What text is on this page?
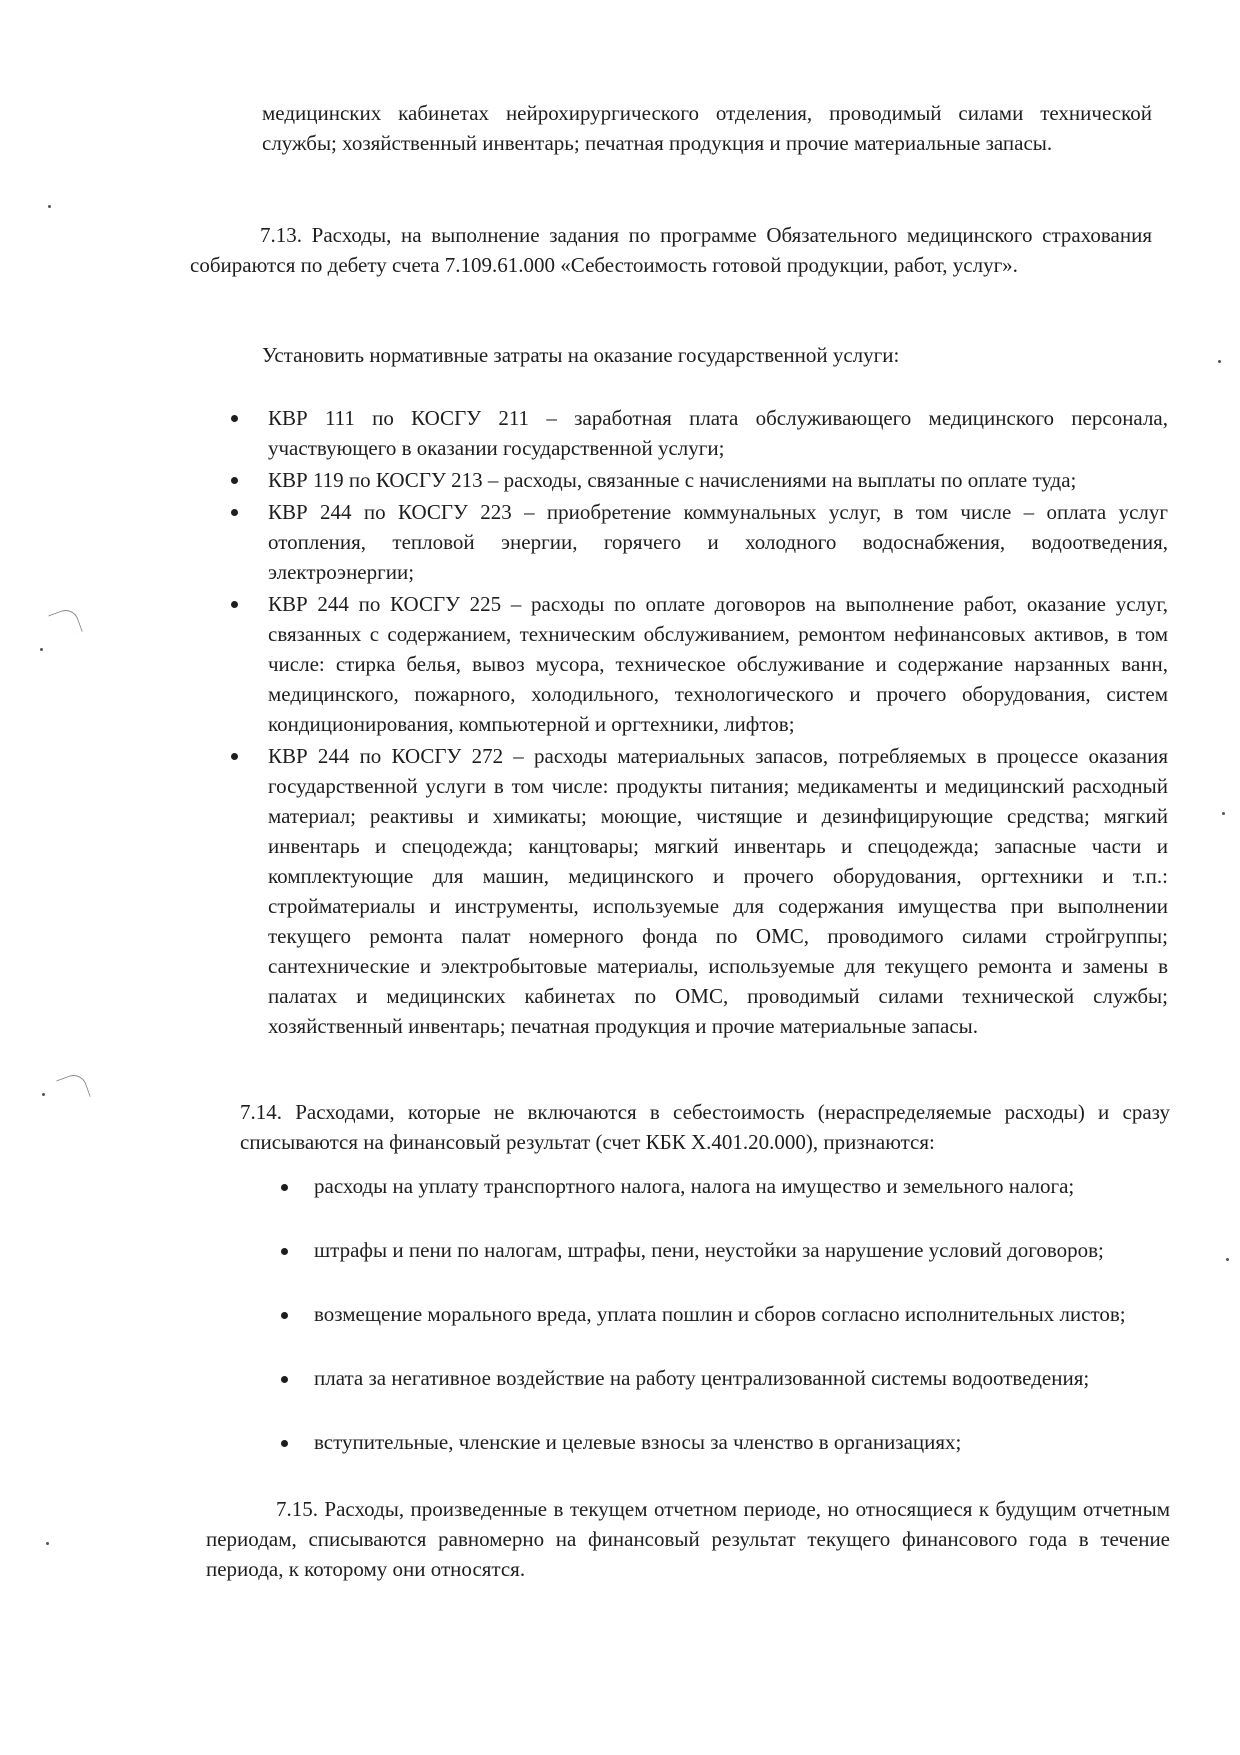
медицинских кабинетах нейрохирургического отделения, проводимый силами технической службы; хозяйственный инвентарь; печатная продукция и прочие материальные запасы.

7.13. Расходы, на выполнение задания по программе Обязательного медицинского страхования собираются по дебету счета 7.109.61.000 «Себестоимость готовой продукции, работ, услуг».

Установить нормативные затраты на оказание государственной услуги:

КВР 111 по КОСГУ 211 – заработная плата обслуживающего медицинского персонала, участвующего в оказании государственной услуги;
КВР 119 по КОСГУ 213 – расходы, связанные с начислениями на выплаты по оплате туда;
КВР 244 по КОСГУ 223 – приобретение коммунальных услуг, в том числе – оплата услуг отопления, тепловой энергии, горячего и холодного водоснабжения, водоотведения, электроэнергии;
КВР 244 по КОСГУ 225 – расходы по оплате договоров на выполнение работ, оказание услуг, связанных с содержанием, техническим обслуживанием, ремонтом нефинансовых активов, в том числе: стирка белья, вывоз мусора, техническое обслуживание и содержание нарзанных ванн, медицинского, пожарного, холодильного, технологического и прочего оборудования, систем кондиционирования, компьютерной и оргтехники, лифтов;
КВР 244 по КОСГУ 272 – расходы материальных запасов, потребляемых в процессе оказания государственной услуги в том числе: продукты питания; медикаменты и медицинский расходный материал; реактивы и химикаты; моющие, чистящие и дезинфицирующие средства; мягкий инвентарь и спецодежда; канцтовары; мягкий инвентарь и спецодежда; запасные части и комплектующие для машин, медицинского и прочего оборудования, оргтехники и т.п.: стройматериалы и инструменты, используемые для содержания имущества при выполнении текущего ремонта палат номерного фонда по ОМС, проводимого силами стройгруппы; сантехнические и электробытовые материалы, используемые для текущего ремонта и замены в палатах и медицинских кабинетах по ОМС, проводимый силами технической службы; хозяйственный инвентарь; печатная продукция и прочие материальные запасы.

7.14. Расходами, которые не включаются в себестоимость (нераспределяемые расходы) и сразу списываются на финансовый результат (счет КБК Х.401.20.000), признаются:

расходы на уплату транспортного налога, налога на имущество и земельного налога;
штрафы и пени по налогам, штрафы, пени, неустойки за нарушение условий договоров;
возмещение морального вреда, уплата пошлин и сборов согласно исполнительных листов;
плата за негативное воздействие на работу централизованной системы водоотведения;
вступительные, членские и целевые взносы за членство в организациях;

7.15. Расходы, произведенные в текущем отчетном периоде, но относящиеся к будущим отчетным периодам, списываются равномерно на финансовый результат текущего финансового года в течение периода, к которому они относятся.
